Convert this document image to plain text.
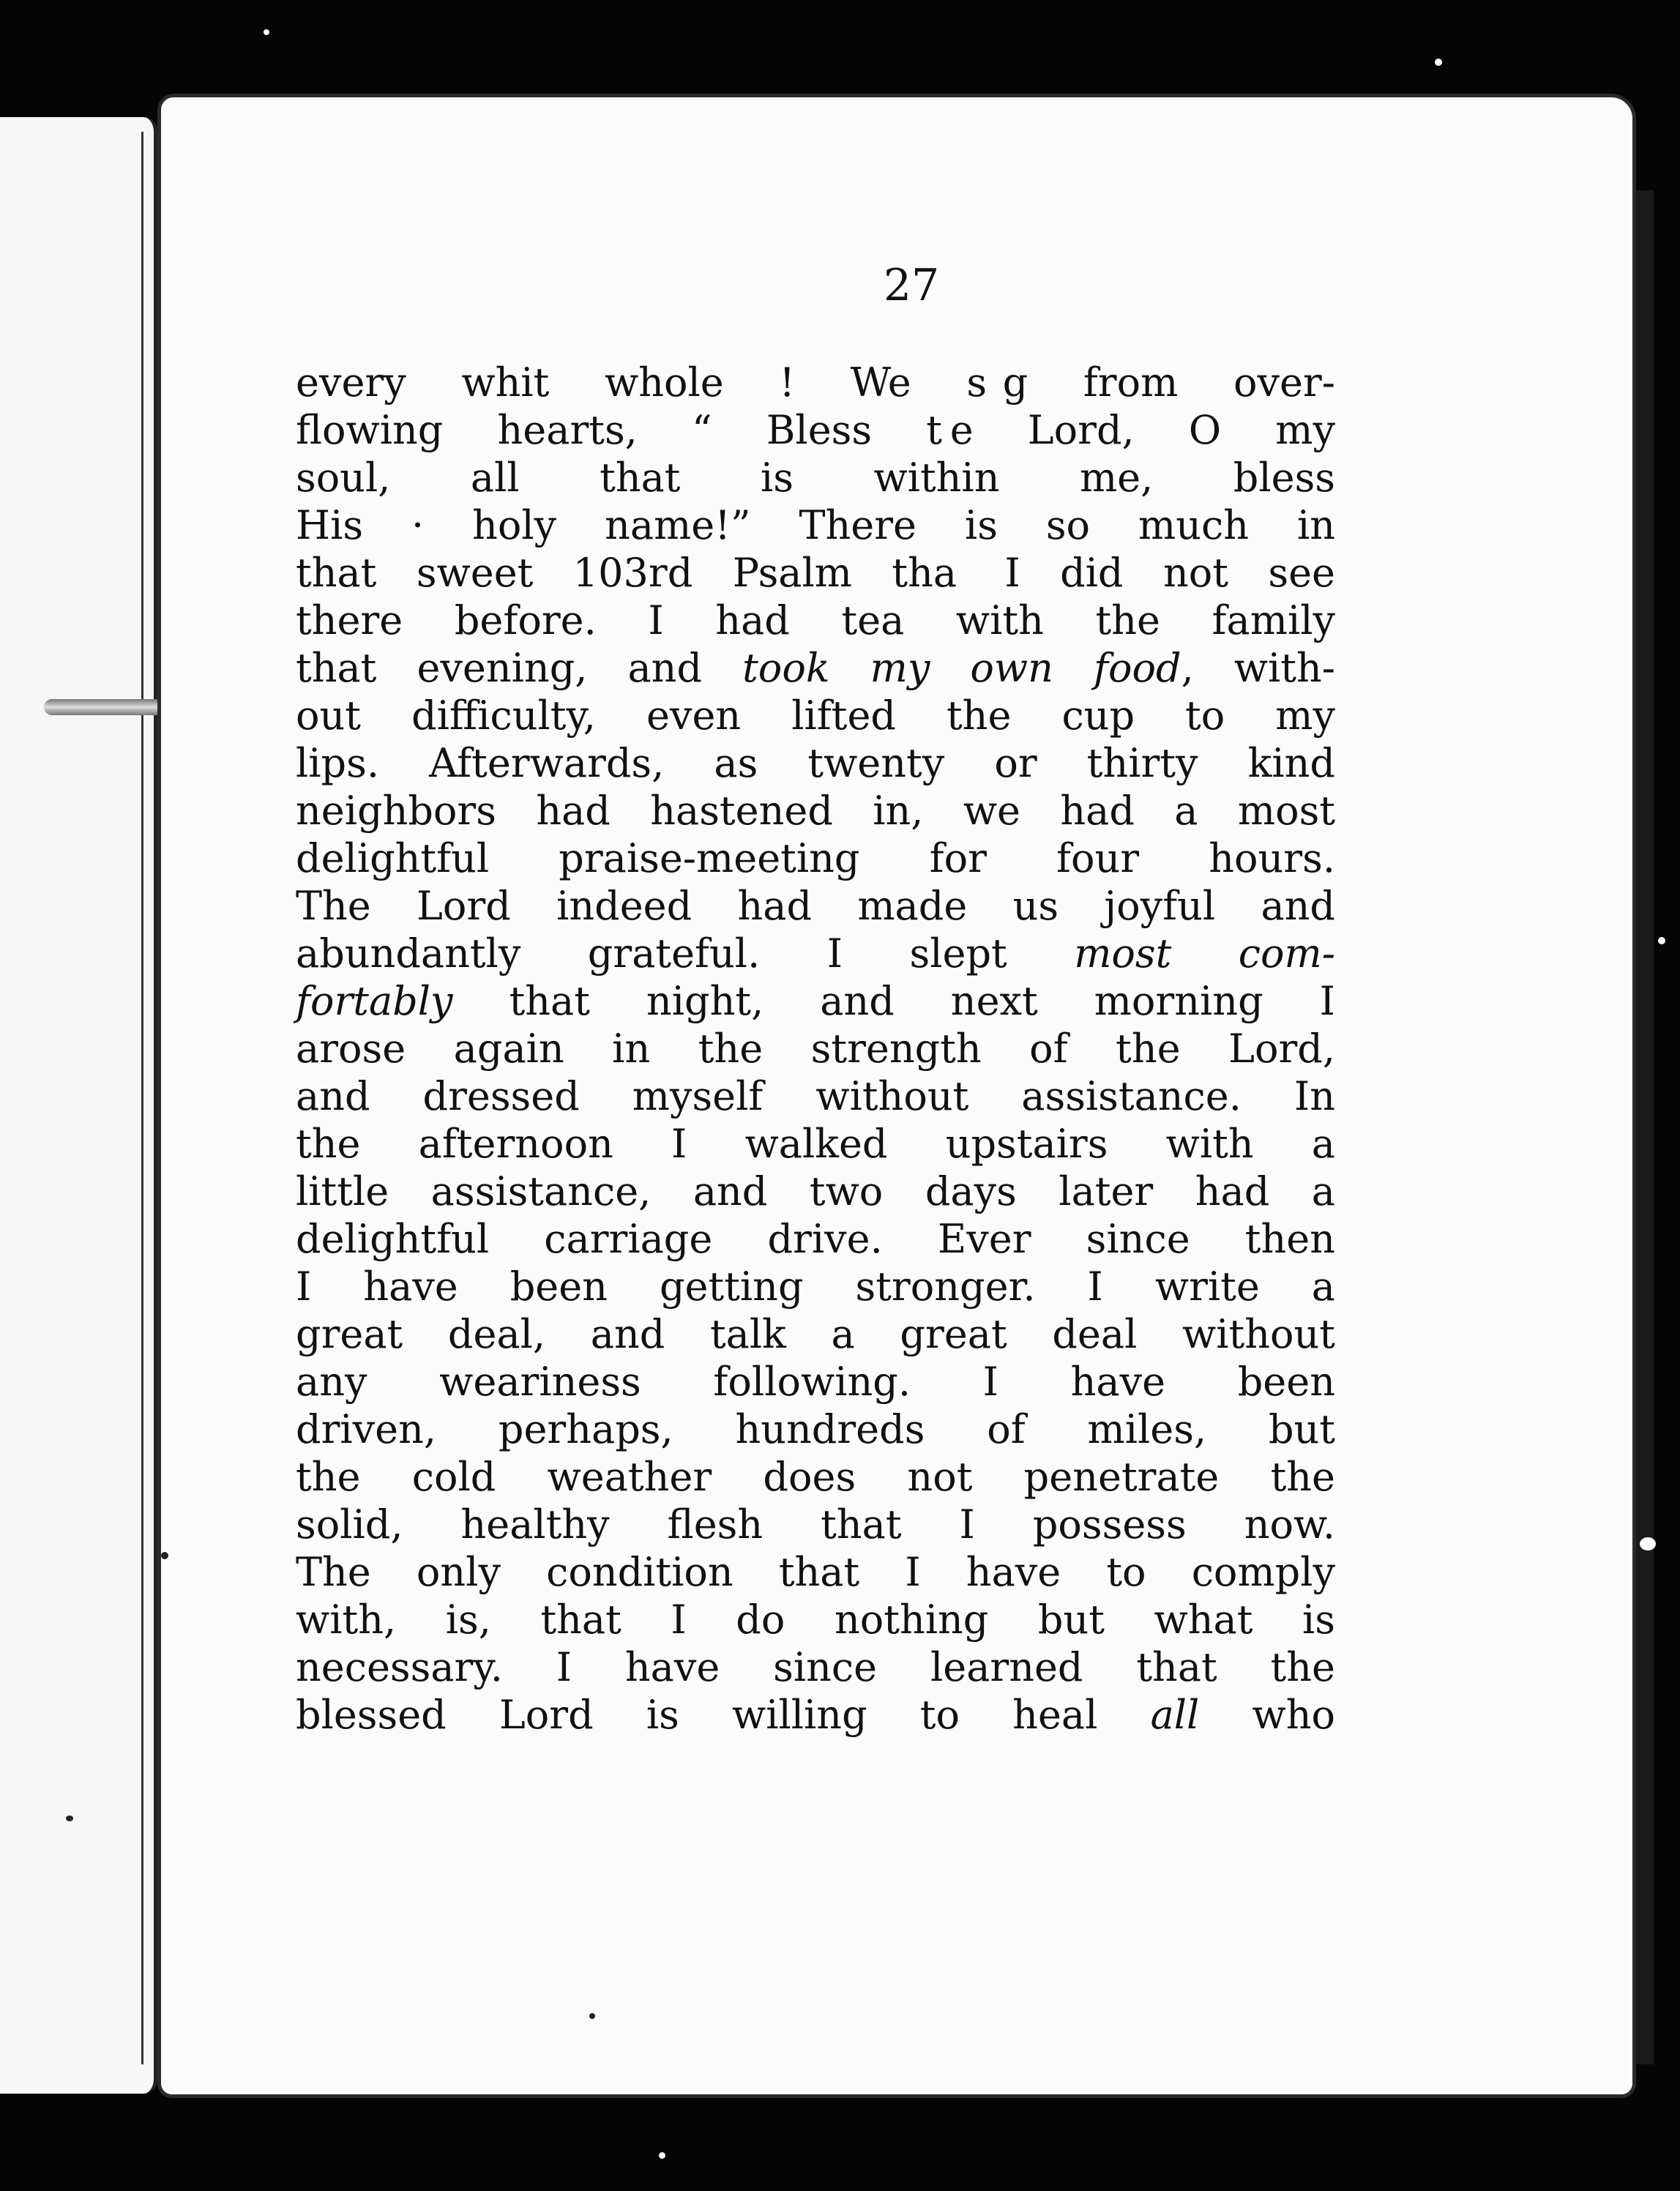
27
every whit whole ! We s  g from over-
flowing hearts, “ Bless t e Lord, O my
soul, all that is within me, bless
His · holy name!” There is so much in
that sweet 103rd Psalm tha  I did not see
there before. I had tea with the family
that evening, and took my own food, with-
out difficulty, even lifted the cup to my
lips. Afterwards, as twenty or thirty kind
neighbors had hastened in, we had a most
delightful praise-meeting for four hours.
The Lord indeed had made us joyful and
abundantly grateful. I slept most com-
fortably that night, and next morning I
arose again in the strength of the Lord,
and dressed myself without assistance. In
the afternoon I walked upstairs with a
little assistance, and two days later had a
delightful carriage drive. Ever since then
I have been getting stronger. I write a
great deal, and talk a great deal without
any weariness following. I have been
driven, perhaps, hundreds of miles, but
the cold weather does not penetrate the
solid, healthy flesh that I possess now.
The only condition that I have to comply
with, is, that I do nothing but what is
necessary. I have since learned that the
blessed Lord is willing to heal all who
